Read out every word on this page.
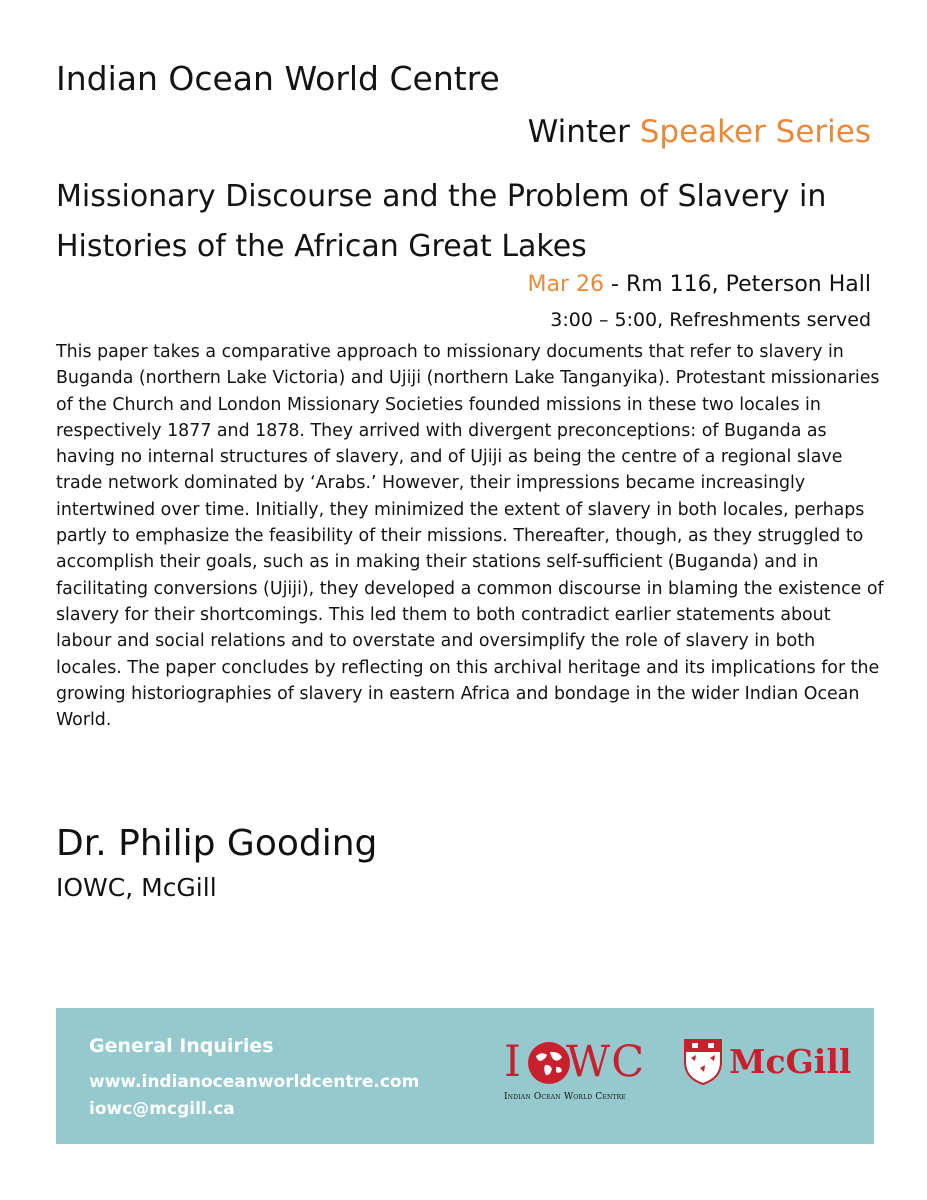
Indian Ocean World Centre
Winter Speaker Series
Missionary Discourse and the Problem of Slavery in Histories of the African Great Lakes

Mar 26 - Rm 116, Peterson Hall

3:00 – 5:00, Refreshments served

This paper takes a comparative approach to missionary documents that refer to slavery in Buganda (northern Lake Victoria) and Ujiji (northern Lake Tanganyika). Protestant missionaries of the Church and London Missionary Societies founded missions in these two locales in respectively 1877 and 1878. They arrived with divergent preconceptions: of Buganda as having no internal structures of slavery, and of Ujiji as being the centre of a regional slave trade network dominated by ‘Arabs.’ However, their impressions became increasingly intertwined over time. Initially, they minimized the extent of slavery in both locales, perhaps partly to emphasize the feasibility of their missions. Thereafter, though, as they struggled to accomplish their goals, such as in making their stations self-sufficient (Buganda) and in facilitating conversions (Ujiji), they developed a common discourse in blaming the existence of slavery for their shortcomings. This led them to both contradict earlier statements about labour and social relations and to overstate and oversimplify the role of slavery in both locales. The paper concludes by reflecting on this archival heritage and its implications for the growing historiographies of slavery in eastern Africa and bondage in the wider Indian Ocean World.

Dr. Philip Gooding

IOWC, McGill

General Inquiries

www.indianoceanworldcentre.com

iowc@mcgill.ca

I WC
Indian Ocean World Centre
McGill
